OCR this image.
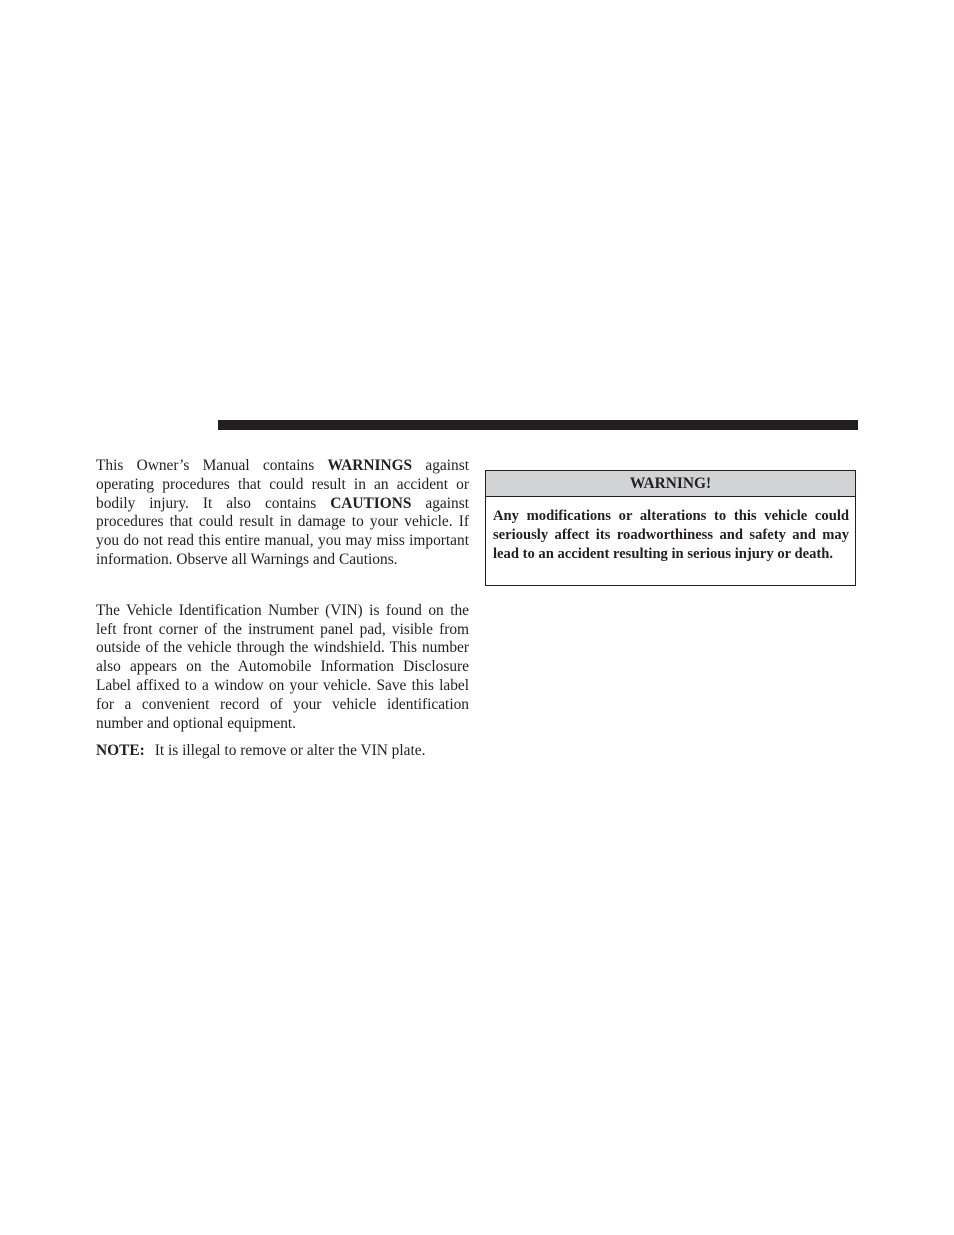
This Owner’s Manual contains WARNINGS against operating procedures that could result in an accident or bodily injury. It also contains CAUTIONS against procedures that could result in damage to your vehicle. If you do not read this entire manual, you may miss important information. Observe all Warnings and Cautions.

The Vehicle Identification Number (VIN) is found on the left front corner of the instrument panel pad, visible from outside of the vehicle through the windshield. This number also appears on the Automobile Information Disclosure Label affixed to a window on your vehicle. Save this label for a convenient record of your vehicle identification number and optional equipment.

NOTE: It is illegal to remove or alter the VIN plate.

WARNING!

Any modifications or alterations to this vehicle could seriously affect its roadworthiness and safety and may lead to an accident resulting in serious injury or death.
